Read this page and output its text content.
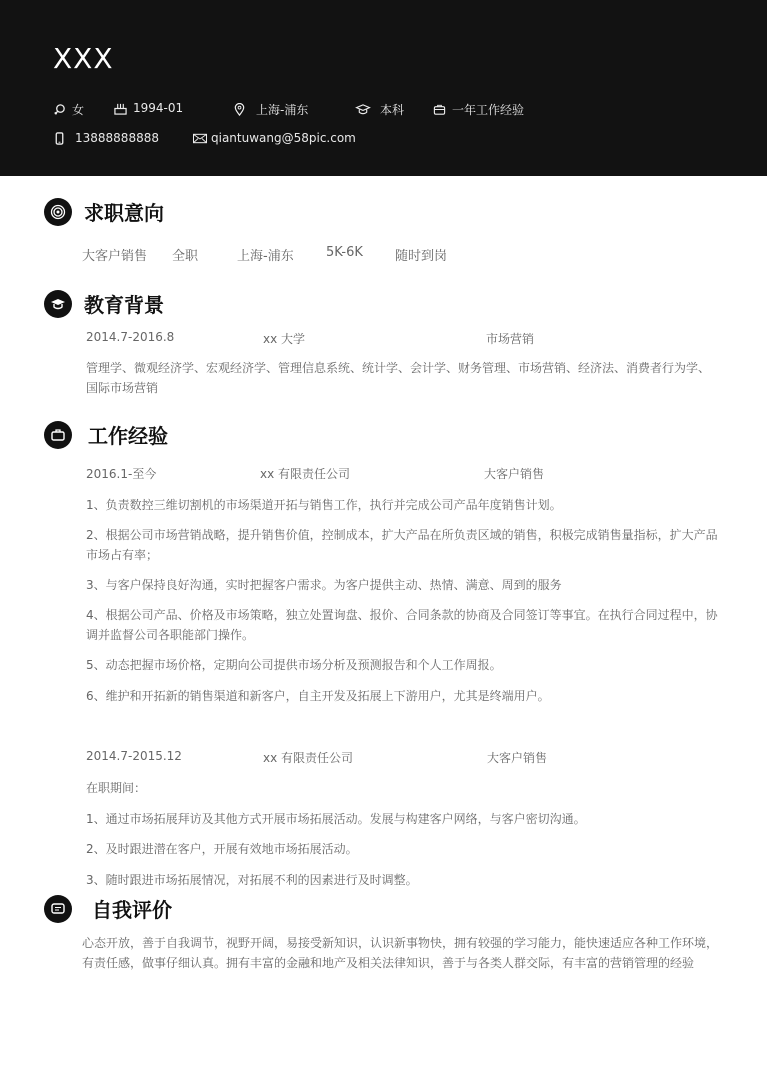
XXX
女	1994-01	上海-浦东	本科	一年工作经验
13888888888	qiantuwang@58pic.com
求职意向
大客户销售 全职	上海-浦东 5K-6K 随时到岗
教育背景
2014.7-2016.8	xx 大学	市场营销
管理学、微观经济学、宏观经济学、管理信息系统、统计学、会计学、财务管理、市场营销、经济法、消费者行为学、国际市场营销
工作经验
2016.1-至今	xx 有限责任公司	大客户销售
1、负责数控三维切割机的市场渠道开拓与销售工作，执行并完成公司产品年度销售计划。
2、根据公司市场营销战略，提升销售价值，控制成本，扩大产品在所负责区域的销售，积极完成销售量指标，扩大产品市场占有率；
3、与客户保持良好沟通，实时把握客户需求。为客户提供主动、热情、满意、周到的服务
4、根据公司产品、价格及市场策略，独立处置询盘、报价、合同条款的协商及合同签订等事宜。在执行合同过程中，协调并监督公司各职能部门操作。
5、动态把握市场价格，定期向公司提供市场分析及预测报告和个人工作周报。
6、维护和开拓新的销售渠道和新客户，自主开发及拓展上下游用户，尤其是终端用户。
2014.7-2015.12	xx 有限责任公司	大客户销售
在职期间：
1、通过市场拓展拜访及其他方式开展市场拓展活动。发展与构建客户网络，与客户密切沟通。
2、及时跟进潜在客户，开展有效地市场拓展活动。
3、随时跟进市场拓展情况，对拓展不利的因素进行及时调整。
自我评价
心态开放，善于自我调节，视野开阔，易接受新知识，认识新事物快，拥有较强的学习能力，能快速适应各种工作环境，有责任感，做事仔细认真。拥有丰富的金融和地产及相关法律知识，善于与各类人群交际，有丰富的营销管理的经验
